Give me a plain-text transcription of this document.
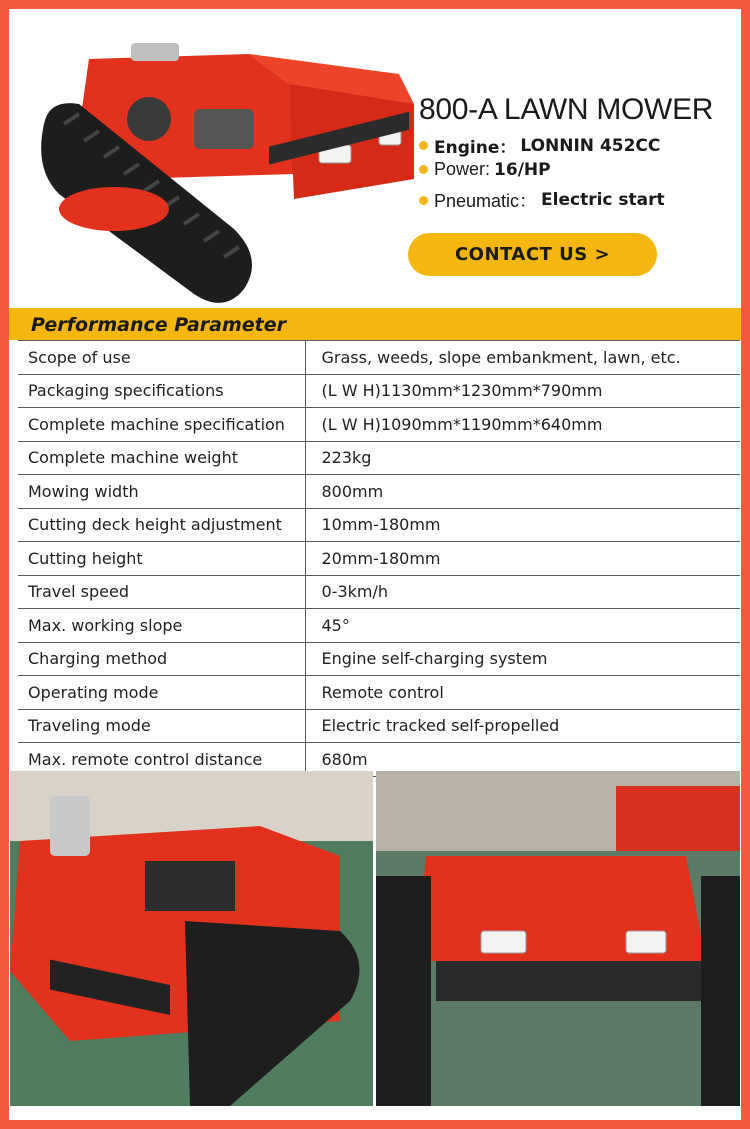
800-A LAWN MOWER
Engine： LONNIN 452CC
Power: 16/HP
Pneumatic： Electric start
CONTACT US >
Performance Parameter
Scope of use	Grass, weeds, slope embankment, lawn, etc.
Packaging specifications	(L W H)1130mm*1230mm*790mm
Complete machine specification	(L W H)1090mm*1190mm*640mm
Complete machine weight	223kg
Mowing width	800mm
Cutting deck height adjustment	10mm-180mm
Cutting height	20mm-180mm
Travel speed	0-3km/h
Max. working slope	45°
Charging method	Engine self-charging system
Operating mode	Remote control
Traveling mode	Electric tracked self-propelled
Max. remote control distance	680m
